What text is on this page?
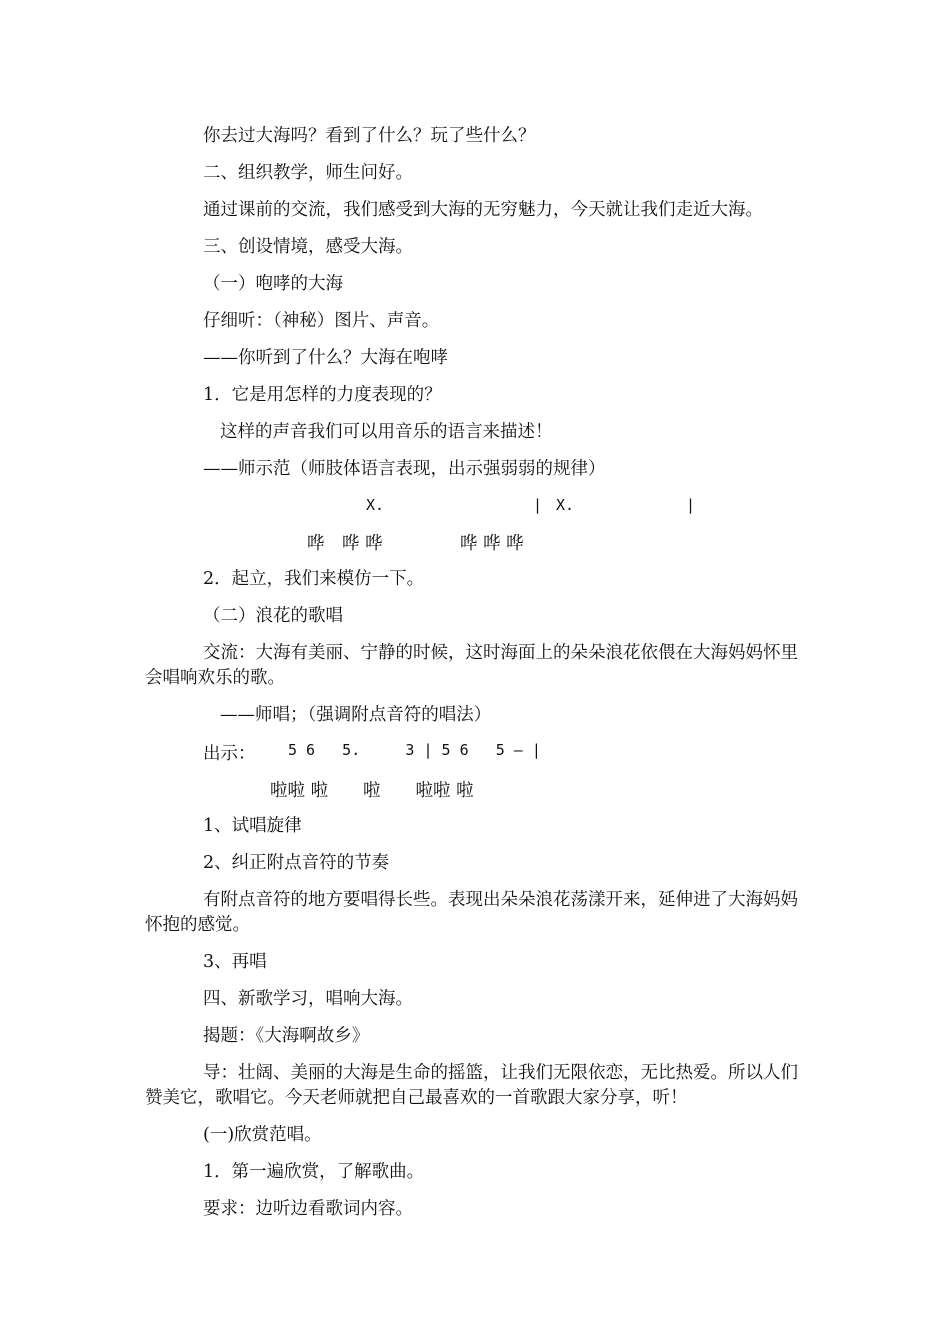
你去过大海吗？看到了什么？玩了些什么？

二、组织教学，师生问好。

通过课前的交流，我们感受到大海的无穷魅力，今天就让我们走近大海。

三、创设情境，感受大海。

（一）咆哮的大海

仔细听：（神秘）图片、声音。

——你听到了什么？大海在咆哮

1．它是用怎样的力度表现的？

这样的声音我们可以用音乐的语言来描述！

——师示范（师肢体语言表现，出示强弱弱的规律）

X.	| X.	|
哗　哗 哗	哗 哗 哗

2．起立，我们来模仿一下。

（二）浪花的歌唱

交流：大海有美丽、宁静的时候，这时海面上的朵朵浪花依偎在大海妈妈怀里会唱响欢乐的歌。

——师唱；（强调附点音符的唱法）

出示： 5 6   5.     3 | 5 6   5 — |
啦啦 啦　　啦　　啦啦 啦

1、试唱旋律

2、纠正附点音符的节奏

有附点音符的地方要唱得长些。表现出朵朵浪花荡漾开来，延伸进了大海妈妈怀抱的感觉。

3、再唱

四、新歌学习，唱响大海。

揭题：《大海啊故乡》

导：壮阔、美丽的大海是生命的摇篮，让我们无限依恋，无比热爱。所以人们赞美它，歌唱它。今天老师就把自己最喜欢的一首歌跟大家分享，听！

(一)欣赏范唱。

1．第一遍欣赏，了解歌曲。

要求：边听边看歌词内容。
